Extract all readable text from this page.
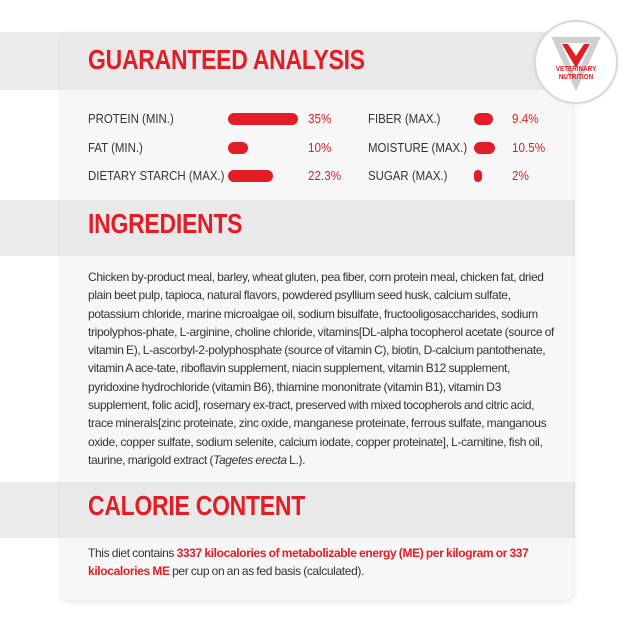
GUARANTEED ANALYSIS	VETERINARY
NUTRITION
PROTEIN (MIN.)	35%
FAT (MIN.)	10%
DIETARY STARCH (MAX.)	22.3%
FIBER (MAX.)	9.4%
MOISTURE (MAX.)	10.5%
SUGAR (MAX.)	2%
INGREDIENTS

Chicken by-product meal, barley, wheat gluten, pea fiber, corn protein meal, chicken fat, dried plain beet pulp, tapioca, natural flavors, powdered psyllium seed husk, calcium sulfate, potassium chloride, marine microalgae oil, sodium bisulfate, fructooligosaccharides, sodium tripolyphos-phate, L-arginine, choline chloride, vitamins[DL-alpha tocopherol acetate (source of vitamin E), L-ascorbyl-2-polyphosphate (source of vitamin C), biotin, D-calcium pantothenate, vitamin A ace-tate, riboflavin supplement, niacin supplement, vitamin B12 supplement, pyridoxine hydrochloride (vitamin B6), thiamine mononitrate (vitamin B1), vitamin D3 supplement, folic acid], rosemary ex-tract, preserved with mixed tocopherols and citric acid, trace minerals[zinc proteinate, zinc oxide, manganese proteinate, ferrous sulfate, manganous oxide, copper sulfate, sodium selenite, calcium iodate, copper proteinate], L-carnitine, fish oil, taurine, marigold extract (Tagetes erecta L.).

CALORIE CONTENT

This diet contains 3337 kilocalories of metabolizable energy (ME) per kilogram or 337 kilocalories ME per cup on an as fed basis (calculated).
